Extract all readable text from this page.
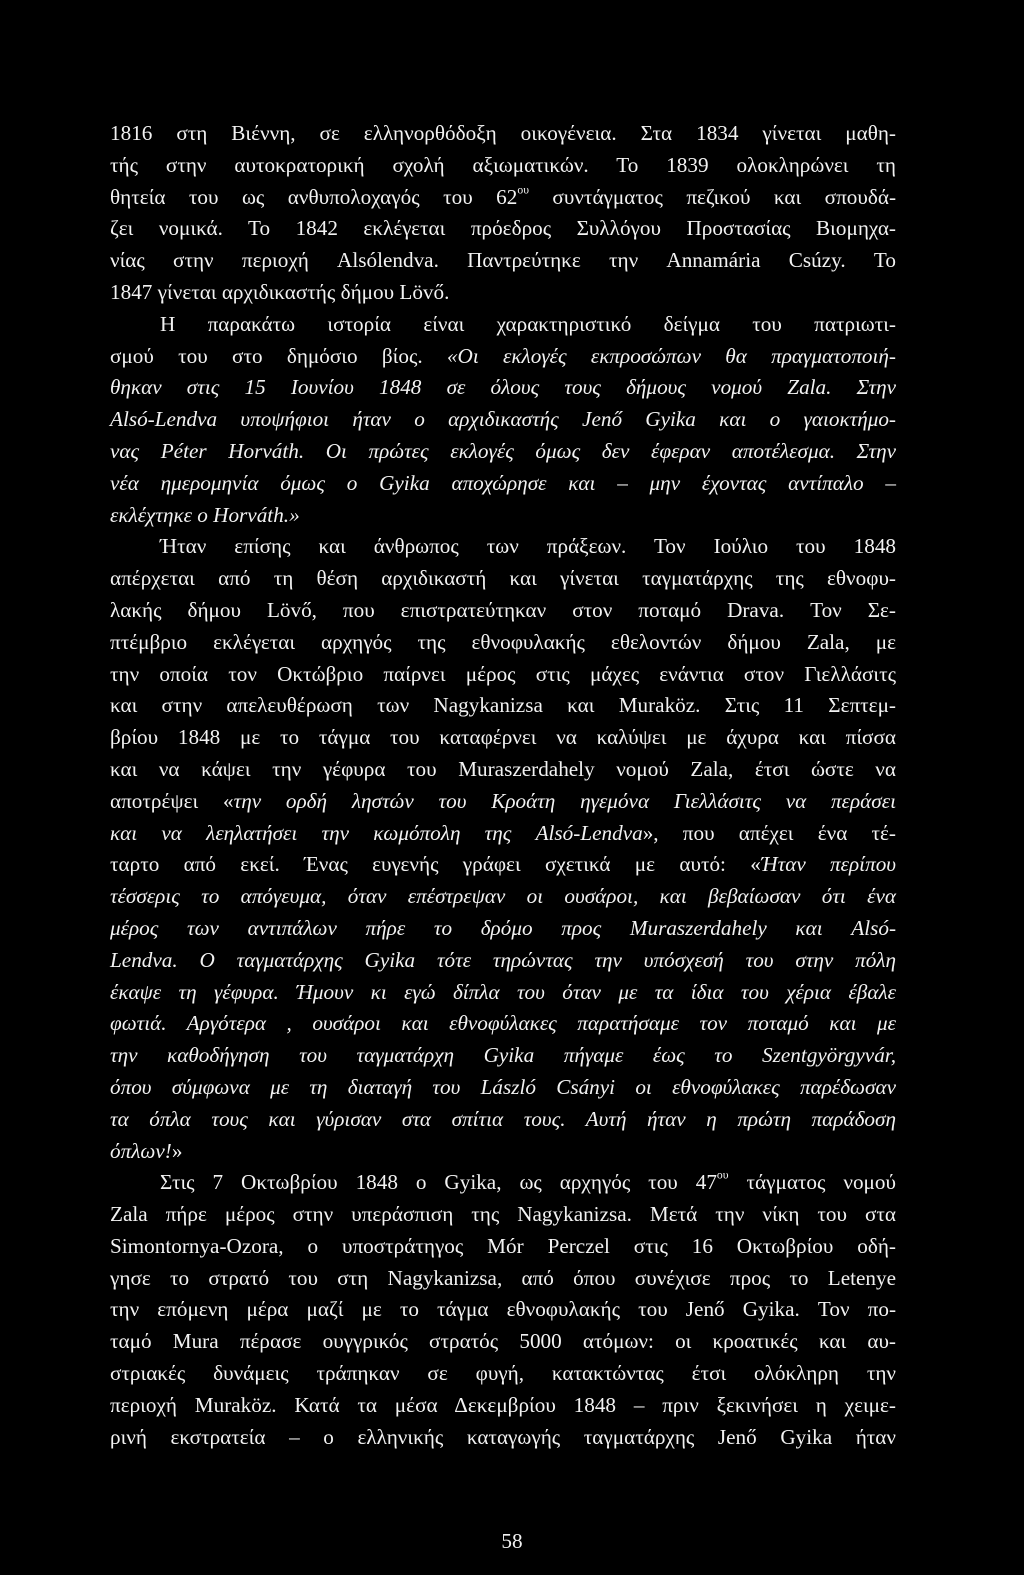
1816 στη Βιέννη, σε ελληνορθόδοξη οικογένεια. Στα 1834 γίνεται μαθη-
τής στην αυτοκρατορική σχολή αξιωματικών. Το 1839 ολοκληρώνει τη
θητεία του ως ανθυπολοχαγός του $62^{o\upsilon}$ συντάγματος πεζικού και σπουδά-
ζει νομικά. Το 1842 εκλέγεται πρόεδρος Συλλόγου Προστασίας Βιομηχα-
νίας στην περιοχή Alsólendva. Παντρεύτηκε την Annamária Csúzy. Το
1847 γίνεται αρχιδικαστής δήμου Lövő.
Η παρακάτω ιστορία είναι χαρακτηριστικό δείγμα του πατριωτι-
σμού του στο δημόσιο βίος. «Οι εκλογές εκπροσώπων θα πραγματοποιή-
θηκαν στις 15 Ιουνίου 1848 σε όλους τους δήμους νομού Zala. Στην
Alsó-Lendva υποψήφιοι ήταν ο αρχιδικαστής Jenő Gyika και ο γαιοκτήμο-
νας Péter Horváth. Οι πρώτες εκλογές όμως δεν έφεραν αποτέλεσμα. Στην
νέα ημερομηνία όμως ο Gyika αποχώρησε και – μην έχοντας αντίπαλο –
εκλέχτηκε ο Horváth.»
Ήταν επίσης και άνθρωπος των πράξεων. Τον Ιούλιο του 1848
απέρχεται από τη θέση αρχιδικαστή και γίνεται ταγματάρχης της εθνοφυ-
λακής δήμου Lövő, που επιστρατεύτηκαν στον ποταμό Drava. Τον Σε-
πτέμβριο εκλέγεται αρχηγός της εθνοφυλακής εθελοντών δήμου Zala, με
την οποία τον Οκτώβριο παίρνει μέρος στις μάχες ενάντια στον Γιελλάσιτς
και στην απελευθέρωση των Nagykanizsa και Muraköz. Στις 11 Σεπτεμ-
βρίου 1848 με το τάγμα του καταφέρνει να καλύψει με άχυρα και πίσσα
και να κάψει την γέφυρα του Muraszerdahely νομού Zala, έτσι ώστε να
αποτρέψει «την ορδή ληστών του Κροάτη ηγεμόνα Γιελλάσιτς να περάσει
και να λεηλατήσει την κωμόπολη της Alsó-Lendva», που απέχει ένα τέ-
ταρτο από εκεί. Ένας ευγενής γράφει σχετικά με αυτό: «Ήταν περίπου
τέσσερις το απόγευμα, όταν επέστρεψαν οι ουσάροι, και βεβαίωσαν ότι ένα
μέρος των αντιπάλων πήρε το δρόμο προς Muraszerdahely και Alsó-
Lendva. Ο ταγματάρχης Gyika τότε τηρώντας την υπόσχεσή του στην πόλη
έκαψε τη γέφυρα. Ήμουν κι εγώ δίπλα του όταν με τα ίδια του χέρια έβαλε
φωτιά. Αργότερα , ουσάροι και εθνοφύλακες παρατήσαμε τον ποταμό και με
την καθοδήγηση του ταγματάρχη Gyika πήγαμε έως το Szentgyörgyvár,
όπου σύμφωνα με τη διαταγή του László Csányi οι εθνοφύλακες παρέδωσαν
τα όπλα τους και γύρισαν στα σπίτια τους. Αυτή ήταν η πρώτη παράδοση
όπλων!»
Στις 7 Οκτωβρίου 1848 ο Gyika, ως αρχηγός του $47^{o\upsilon}$ τάγματος νομού
Zala πήρε μέρος στην υπεράσπιση της Nagykanizsa. Μετά την νίκη του στα
Simontornya-Ozora, ο υποστράτηγος Mór Perczel στις 16 Οκτωβρίου οδή-
γησε το στρατό του στη Nagykanizsa, από όπου συνέχισε προς το Letenye
την επόμενη μέρα μαζί με το τάγμα εθνοφυλακής του Jenő Gyika. Τον πο-
ταμό Mura πέρασε ουγγρικός στρατός 5000 ατόμων: οι κροατικές και αυ-
στριακές δυνάμεις τράπηκαν σε φυγή, κατακτώντας έτσι ολόκληρη την
περιοχή Muraköz. Κατά τα μέσα Δεκεμβρίου 1848 – πριν ξεκινήσει η χειμε-
ρινή εκστρατεία – ο ελληνικής καταγωγής ταγματάρχης Jenő Gyika ήταν
58
